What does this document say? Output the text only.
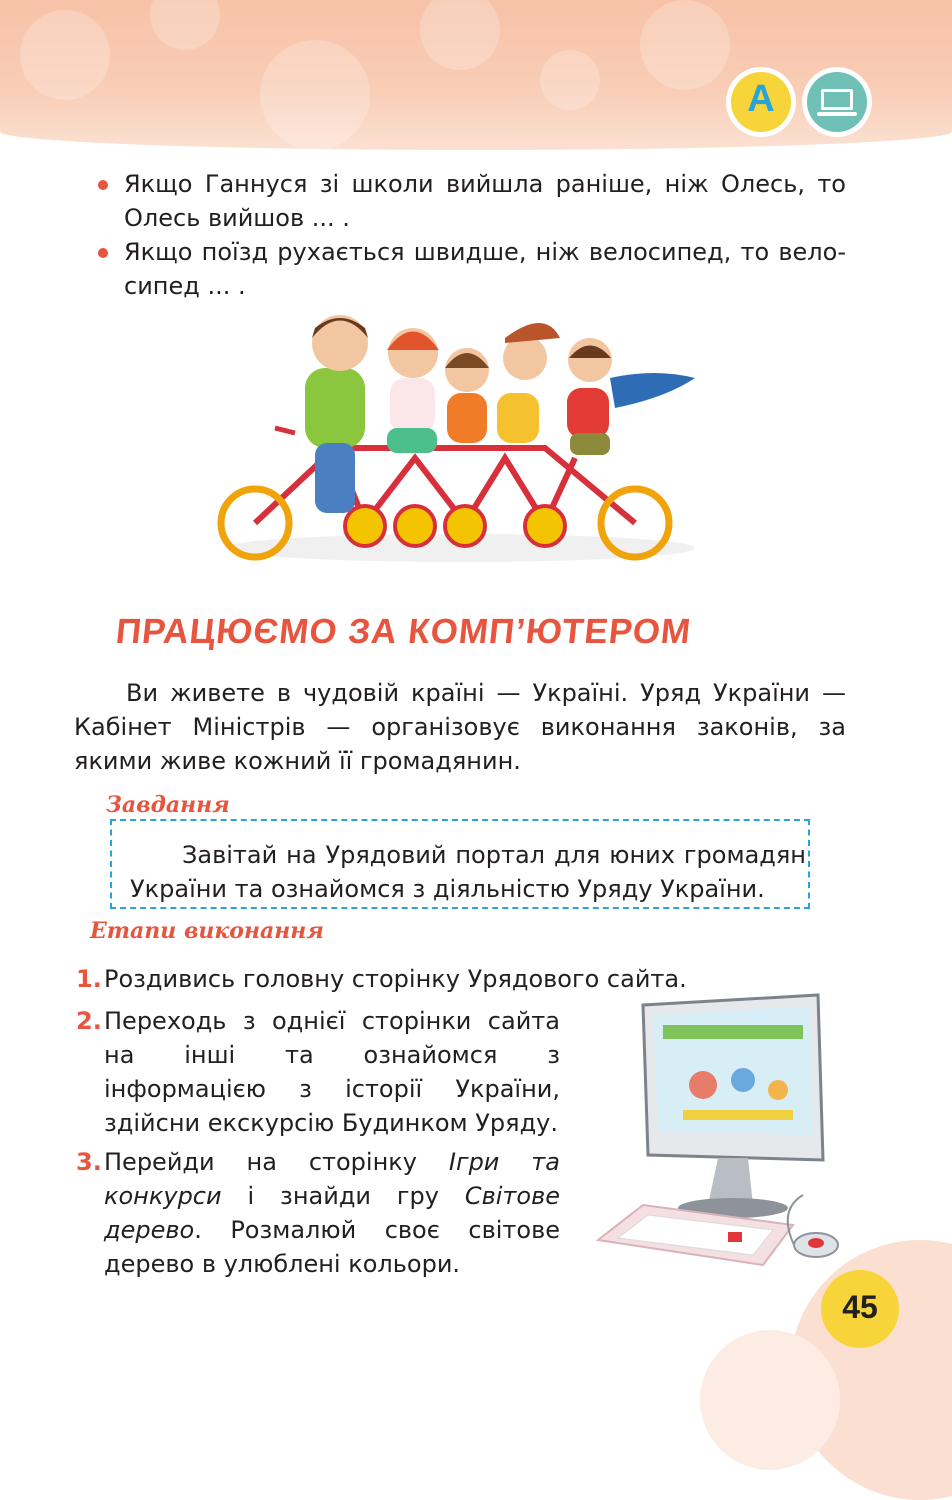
A
Якщо Ганнуся зі школи вийшла раніше, ніж Олесь, то Олесь вийшов ... .
Якщо поїзд рухається швидше, ніж велосипед, то велосипед ... .
ПРАЦЮЄМО ЗА КОМП’ЮТЕРОМ

Ви живете в чудовій країні — Україні. Уряд України — Кабінет Міністрів — організовує виконання законів, за якими живе кожний її громадянин.

Завдання

Завітай на Урядовий портал для юних громадян України та ознайомся з діяльністю Уряду України.

Етапи виконання
1. Роздивись головну сторінку Урядового сайта.
2. Переходь з однієї сторінки сайта на інші та ознайомся з інформацією з історії України, здійсни екскурсію Будинком Уряду.
3. Перейди на сторінку Ігри та конкурси і знайди гру Світове дерево. Розмалюй своє світове дерево в улюблені кольори.
45
